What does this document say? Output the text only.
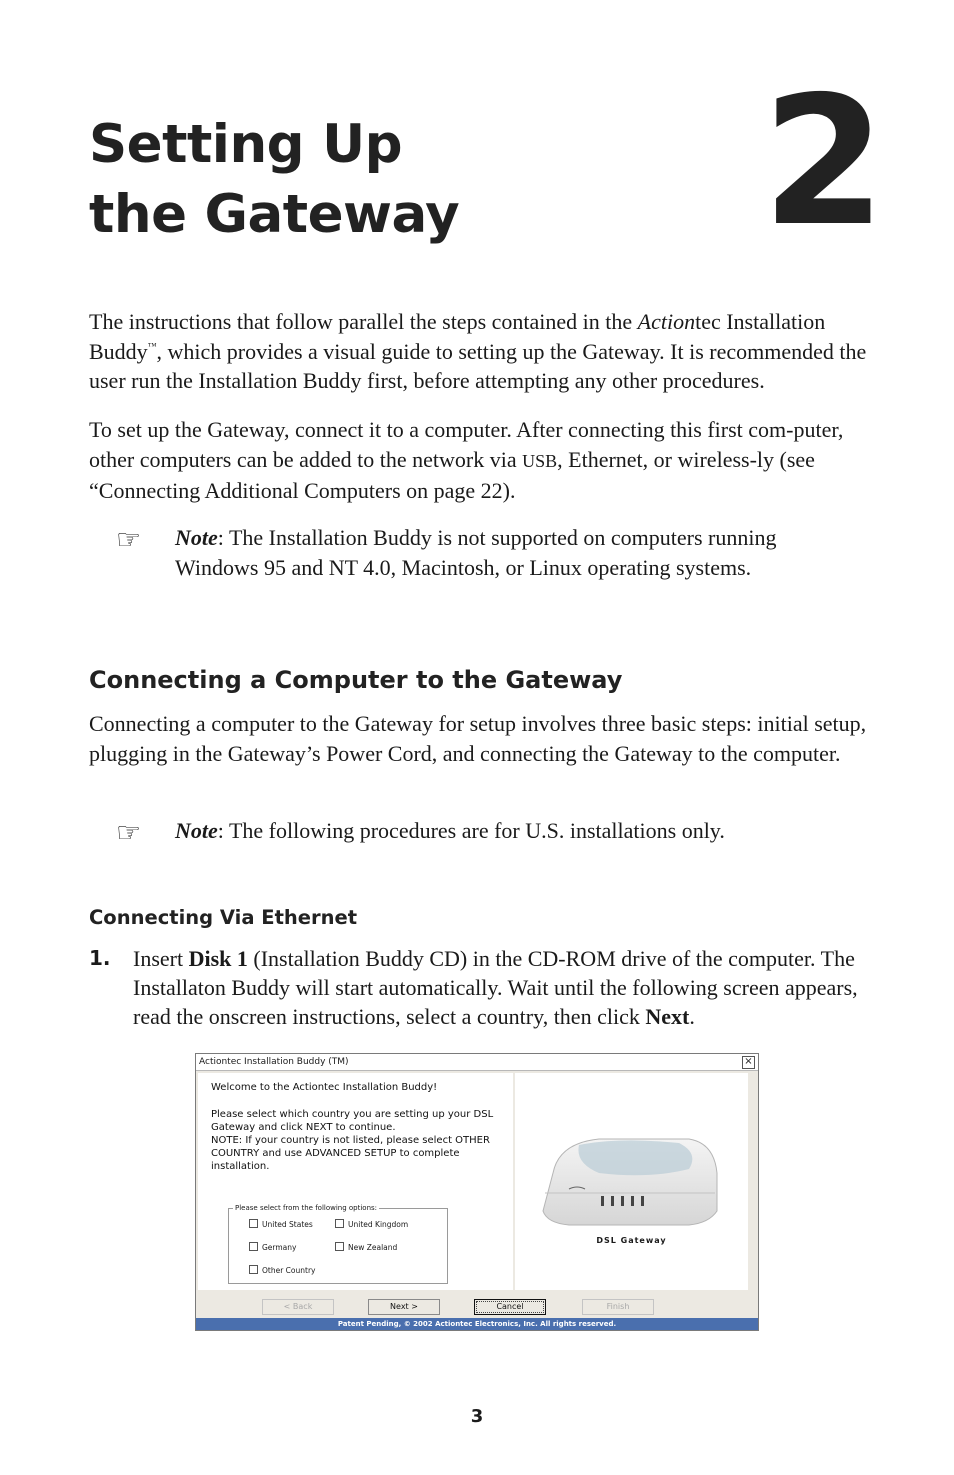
Setting Up
the Gateway 2

The instructions that follow parallel the steps contained in the Actiontec Installation Buddy™, which provides a visual guide to setting up the Gateway. It is recommended the user run the Installation Buddy first, before attempting any other procedures.

To set up the Gateway, connect it to a computer. After connecting this first com-puter, other computers can be added to the network via USB, Ethernet, or wireless-ly (see “Connecting Additional Computers on page 22).

☞ Note: The Installation Buddy is not supported on computers running Windows 95 and NT 4.0, Macintosh, or Linux operating systems.

Connecting a Computer to the Gateway

Connecting a computer to the Gateway for setup involves three basic steps: initial setup, plugging in the Gateway’s Power Cord, and connecting the Gateway to the computer.

☞ Note: The following procedures are for U.S. installations only.

Connecting Via Ethernet
1. Insert Disk 1 (Installation Buddy CD) in the CD-ROM drive of the computer. The Installaton Buddy will start automatically. Wait until the following screen appears, read the onscreen instructions, select a country, then click Next.

Actiontec Installation Buddy (TM)	×

Welcome to the Actiontec Installation Buddy!

Please select which country you are setting up your DSL Gateway and click NEXT to continue.
NOTE: If your country is not listed, please select OTHER COUNTRY and use ADVANCED SETUP to complete installation.

Please select from the following options:
United States	United Kingdom
Germany	New Zealand
Other Country
DSL Gateway
< Back	Next >	Cancel	Finish
Patent Pending, © 2002 Actiontec Electronics, Inc. All rights reserved.
3
